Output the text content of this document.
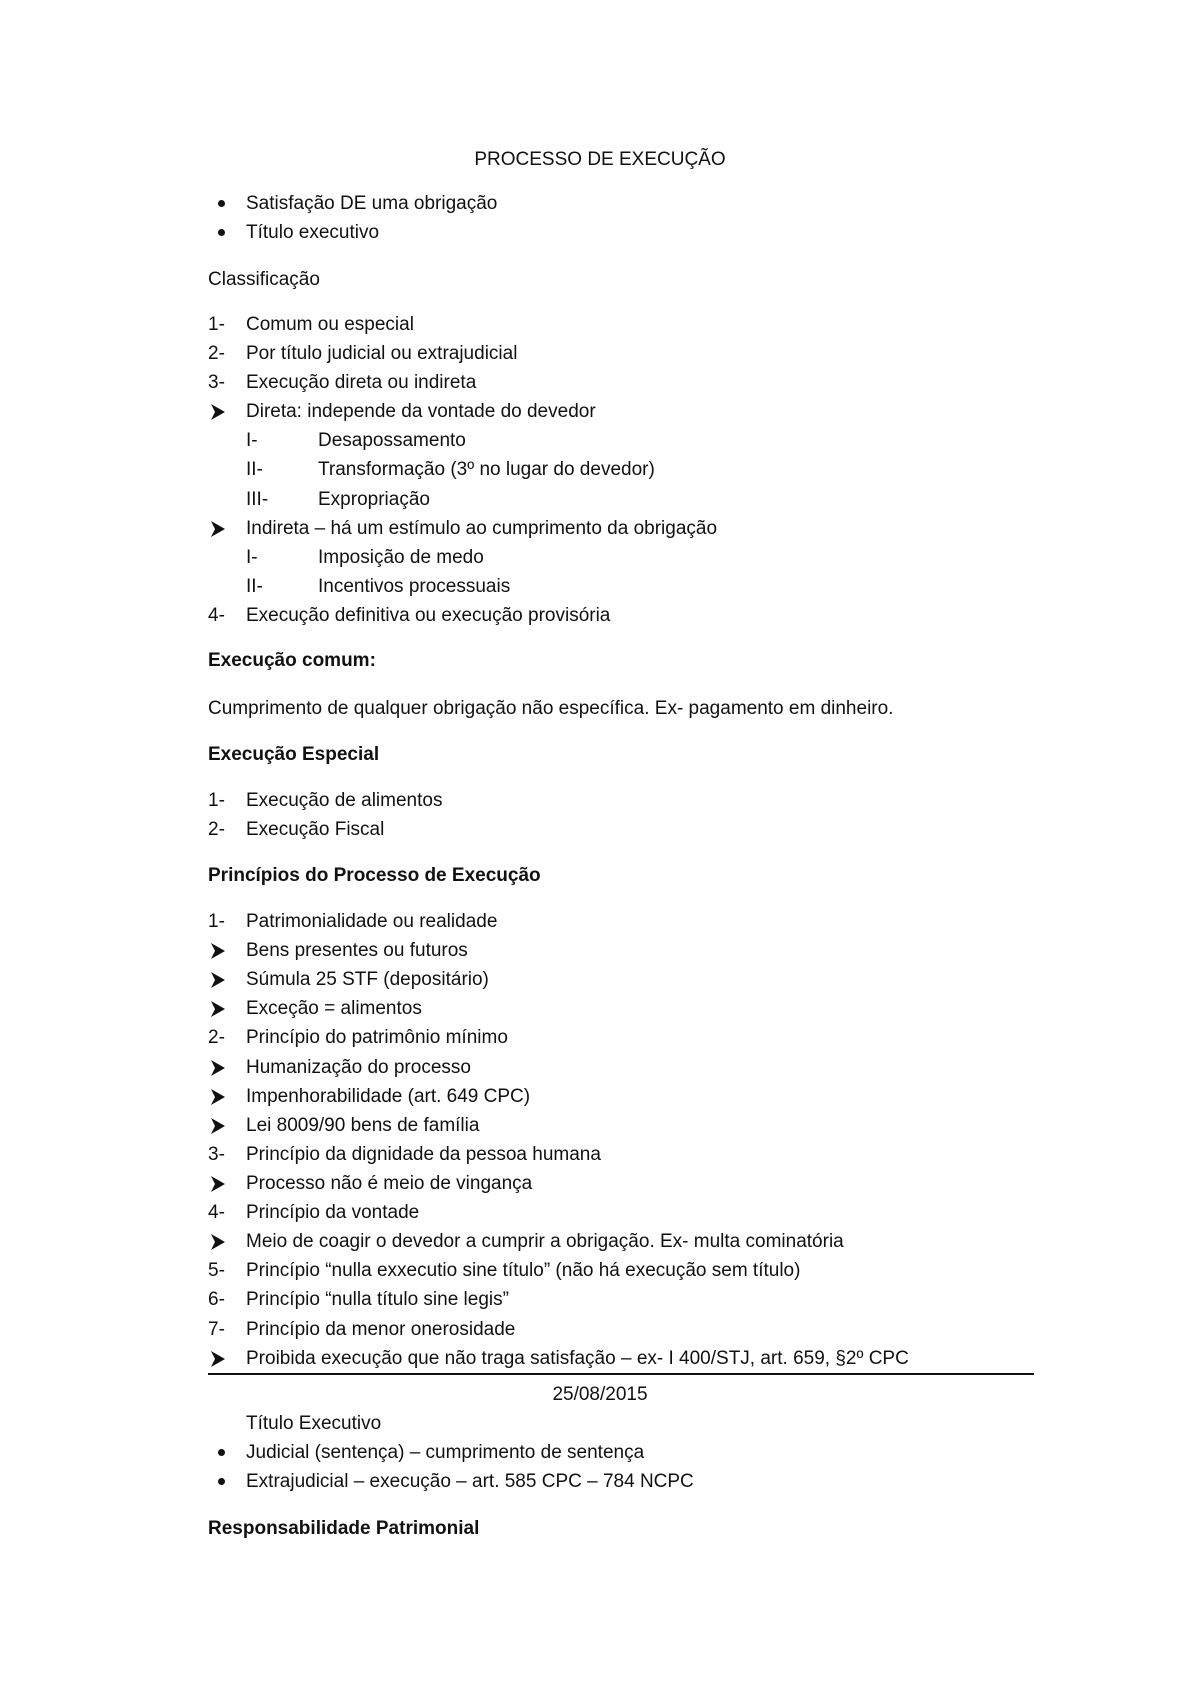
PROCESSO DE EXECUÇÃO
Satisfação DE uma obrigação
Título executivo
Classificação
1- Comum ou especial
2- Por título judicial ou extrajudicial
3- Execução direta ou indireta
Direta: independe da vontade do devedor
I-	Desapossamento
II-	Transformação (3º no lugar do devedor)
III-	Expropriação
Indireta – há um estímulo ao cumprimento da obrigação
I-	Imposição de medo
II-	Incentivos processuais
4- Execução definitiva ou execução provisória
Execução comum:
Cumprimento de qualquer obrigação não específica. Ex- pagamento em dinheiro.
Execução Especial
1- Execução de alimentos
2- Execução Fiscal
Princípios do Processo de Execução
1- Patrimonialidade ou realidade
Bens presentes ou futuros
Súmula 25 STF (depositário)
Exceção = alimentos
2- Princípio do patrimônio mínimo
Humanização do processo
Impenhorabilidade (art. 649 CPC)
Lei 8009/90 bens de família
3- Princípio da dignidade da pessoa humana
Processo não é meio de vingança
4- Princípio da vontade
Meio de coagir o devedor a cumprir a obrigação. Ex- multa cominatória
5- Princípio “nulla exxecutio sine título” (não há execução sem título)
6- Princípio “nulla título sine legis”
7- Princípio da menor onerosidade
Proibida execução que não traga satisfação – ex- I 400/STJ, art. 659, §2º CPC
25/08/2015
Título Executivo
Judicial (sentença) – cumprimento de sentença
Extrajudicial – execução – art. 585 CPC – 784 NCPC
Responsabilidade Patrimonial
